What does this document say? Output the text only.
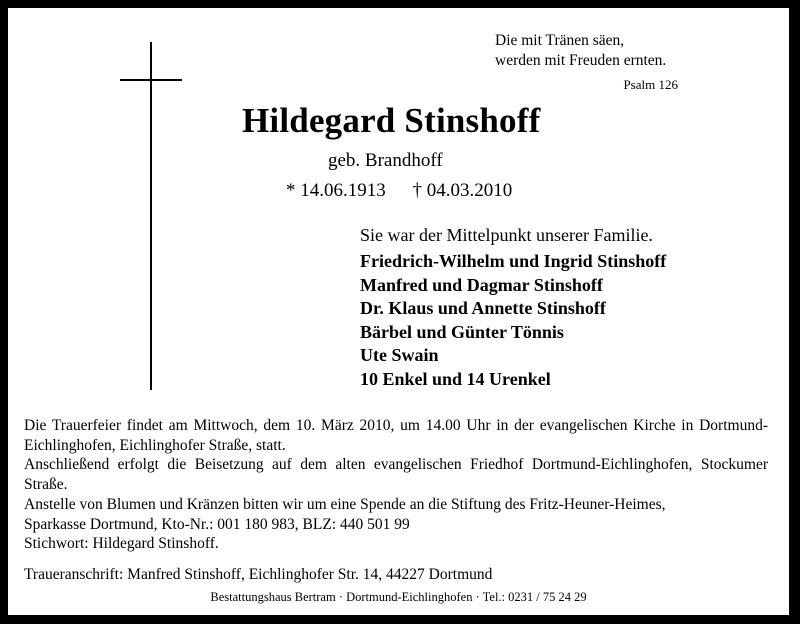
Die mit Tränen säen,
werden mit Freuden ernten.
Psalm 126
Hildegard Stinshoff
geb. Brandhoff
* 14.06.1913 † 04.03.2010
Sie war der Mittelpunkt unserer Familie.
Friedrich-Wilhelm und Ingrid Stinshoff
Manfred und Dagmar Stinshoff
Dr. Klaus und Annette Stinshoff
Bärbel und Günter Tönnis
Ute Swain
10 Enkel und 14 Urenkel
Die Trauerfeier findet am Mittwoch, dem 10. März 2010, um 14.00 Uhr in der evangelischen Kirche in Dortmund-Eichlinghofen, Eichlinghofer Straße, statt.
Anschließend erfolgt die Beisetzung auf dem alten evangelischen Friedhof Dortmund-Eichlinghofen, Stockumer Straße.
Anstelle von Blumen und Kränzen bitten wir um eine Spende an die Stiftung des Fritz-Heuner-Heimes,
Sparkasse Dortmund, Kto-Nr.: 001 180 983, BLZ: 440 501 99
Stichwort: Hildegard Stinshoff.
Traueranschrift: Manfred Stinshoff, Eichlinghofer Str. 14, 44227 Dortmund
Bestattungshaus Bertram · Dortmund-Eichlinghofen · Tel.: 0231 / 75 24 29
